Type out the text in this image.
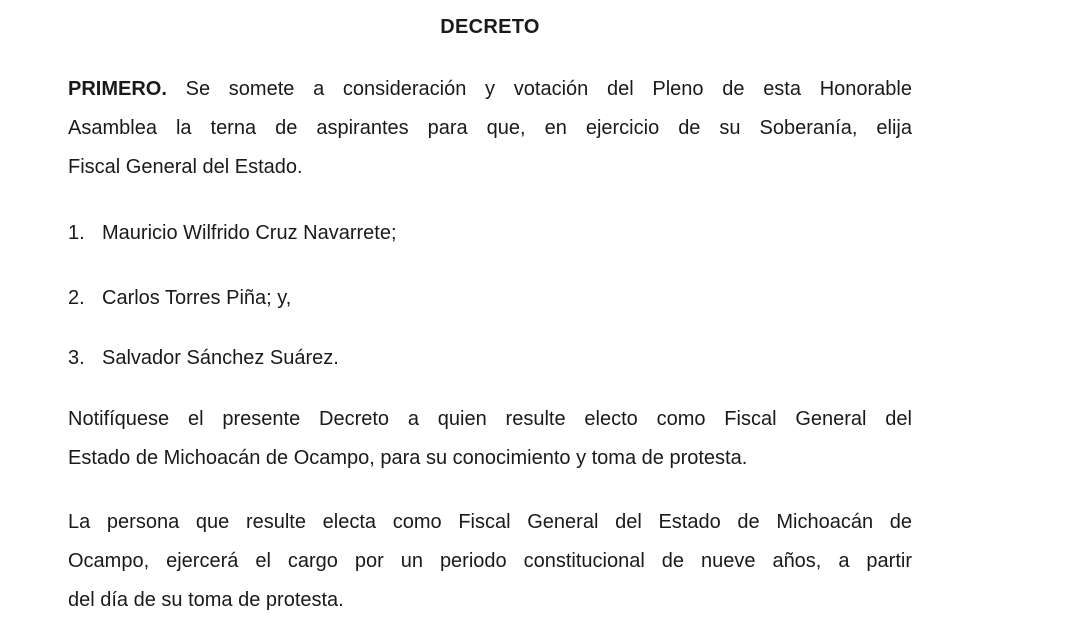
DECRETO
PRIMERO. Se somete a consideración y votación del Pleno de esta Honorable
Asamblea la terna de aspirantes para que, en ejercicio de su Soberanía, elija
Fiscal General del Estado.
1. Mauricio Wilfrido Cruz Navarrete;
2. Carlos Torres Piña; y,
3. Salvador Sánchez Suárez.
Notifíquese el presente Decreto a quien resulte electo como Fiscal General del
Estado de Michoacán de Ocampo, para su conocimiento y toma de protesta.
La persona que resulte electa como Fiscal General del Estado de Michoacán de
Ocampo, ejercerá el cargo por un periodo constitucional de nueve años, a partir
del día de su toma de protesta.
